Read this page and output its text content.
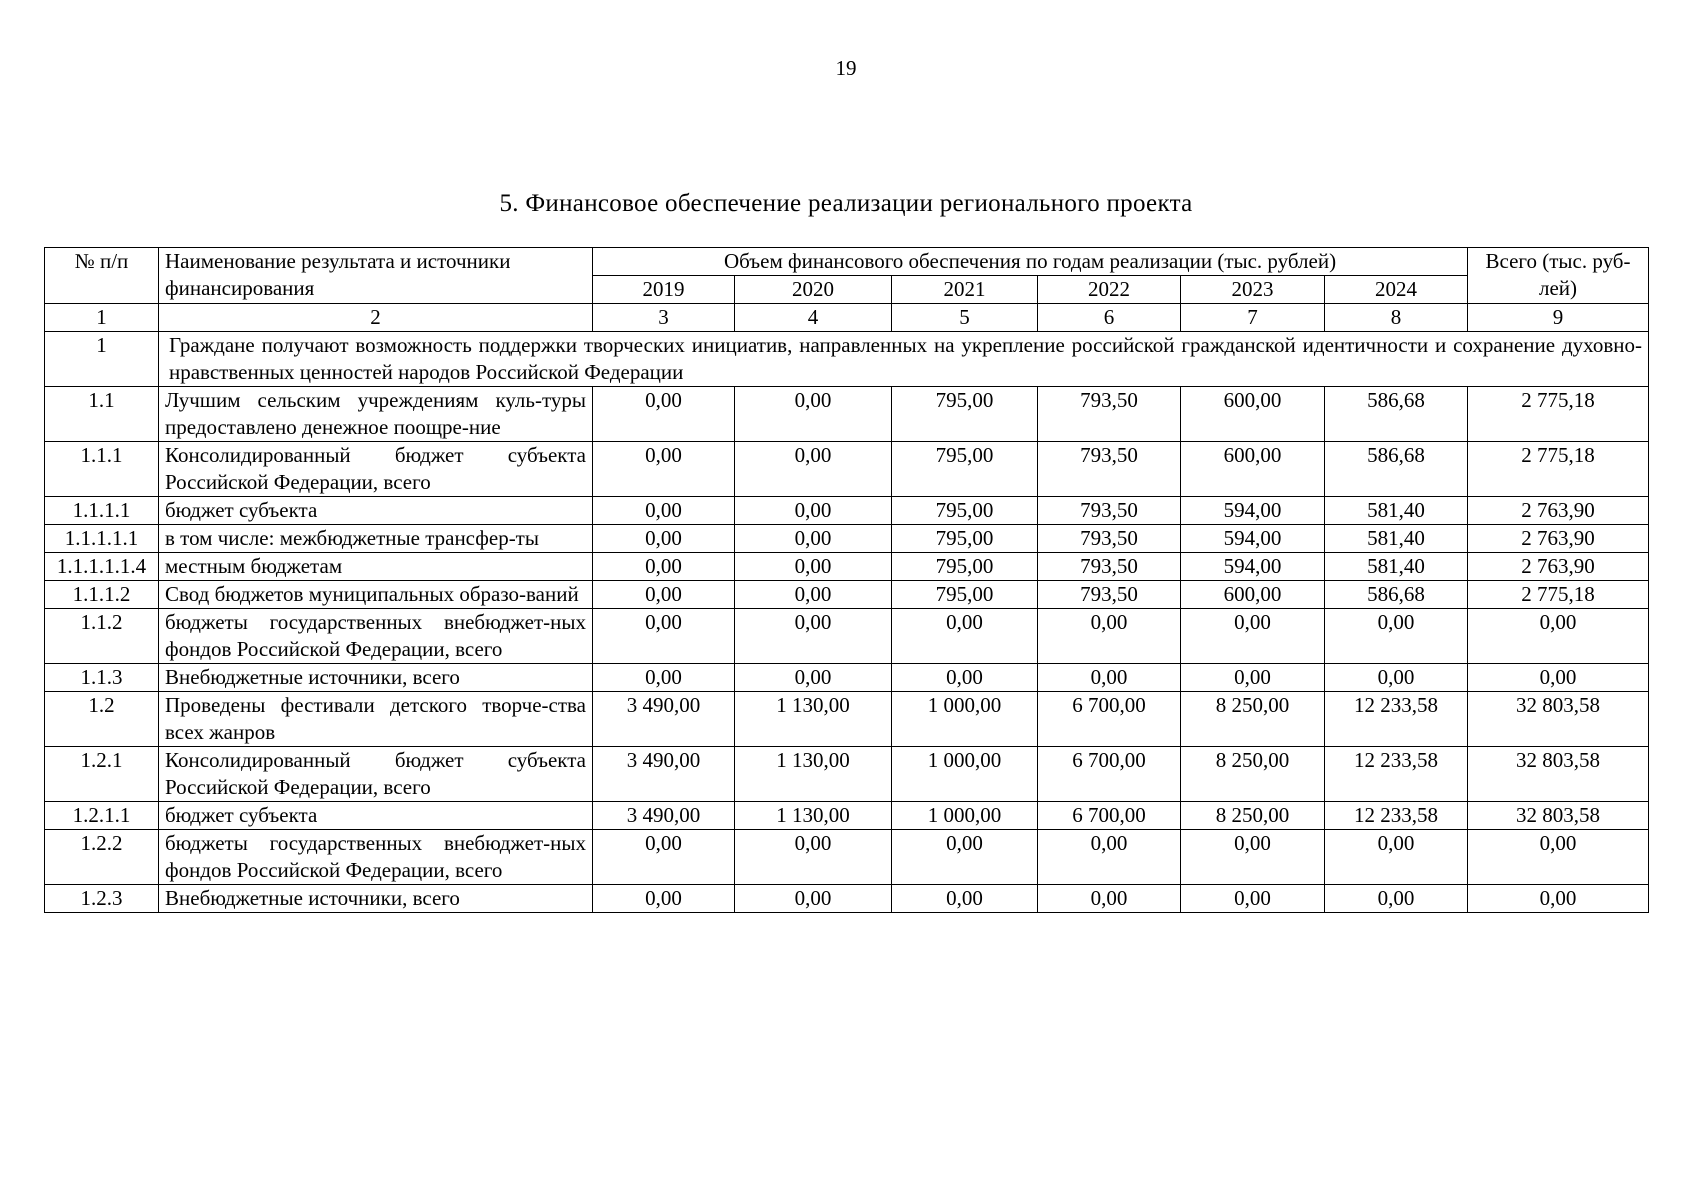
19
5. Финансовое обеспечение реализации регионального проекта
№ п/п	Наименование результата и источники финансирования	Объем финансового обеспечения по годам реализации (тыс. рублей)						Всего (тыс. руб-лей)
		2019	2020	2021	2022	2023	2024	
1	2	3	4	5	6	7	8	9
1	Граждане получают возможность поддержки творческих инициатив, направленных на укрепление российской гражданской идентичности и сохранение духовно-нравственных ценностей народов Российской Федерации							
1.1	Лучшим сельским учреждениям куль-туры предоставлено денежное поощре-ние	0,00	0,00	795,00	793,50	600,00	586,68	2 775,18
1.1.1	Консолидированный бюджет субъекта Российской Федерации, всего	0,00	0,00	795,00	793,50	600,00	586,68	2 775,18
1.1.1.1	бюджет субъекта	0,00	0,00	795,00	793,50	594,00	581,40	2 763,90
1.1.1.1.1	в том числе: межбюджетные трансфер-ты	0,00	0,00	795,00	793,50	594,00	581,40	2 763,90
1.1.1.1.1.4	местным бюджетам	0,00	0,00	795,00	793,50	594,00	581,40	2 763,90
1.1.1.2	Свод бюджетов муниципальных образо-ваний	0,00	0,00	795,00	793,50	600,00	586,68	2 775,18
1.1.2	бюджеты государственных внебюджет-ных фондов Российской Федерации, всего	0,00	0,00	0,00	0,00	0,00	0,00	0,00
1.1.3	Внебюджетные источники, всего	0,00	0,00	0,00	0,00	0,00	0,00	0,00
1.2	Проведены фестивали детского творче-ства всех жанров	3 490,00	1 130,00	1 000,00	6 700,00	8 250,00	12 233,58	32 803,58
1.2.1	Консолидированный бюджет субъекта Российской Федерации, всего	3 490,00	1 130,00	1 000,00	6 700,00	8 250,00	12 233,58	32 803,58
1.2.1.1	бюджет субъекта	3 490,00	1 130,00	1 000,00	6 700,00	8 250,00	12 233,58	32 803,58
1.2.2	бюджеты государственных внебюджет-ных фондов Российской Федерации, всего	0,00	0,00	0,00	0,00	0,00	0,00	0,00
1.2.3	Внебюджетные источники, всего	0,00	0,00	0,00	0,00	0,00	0,00	0,00
